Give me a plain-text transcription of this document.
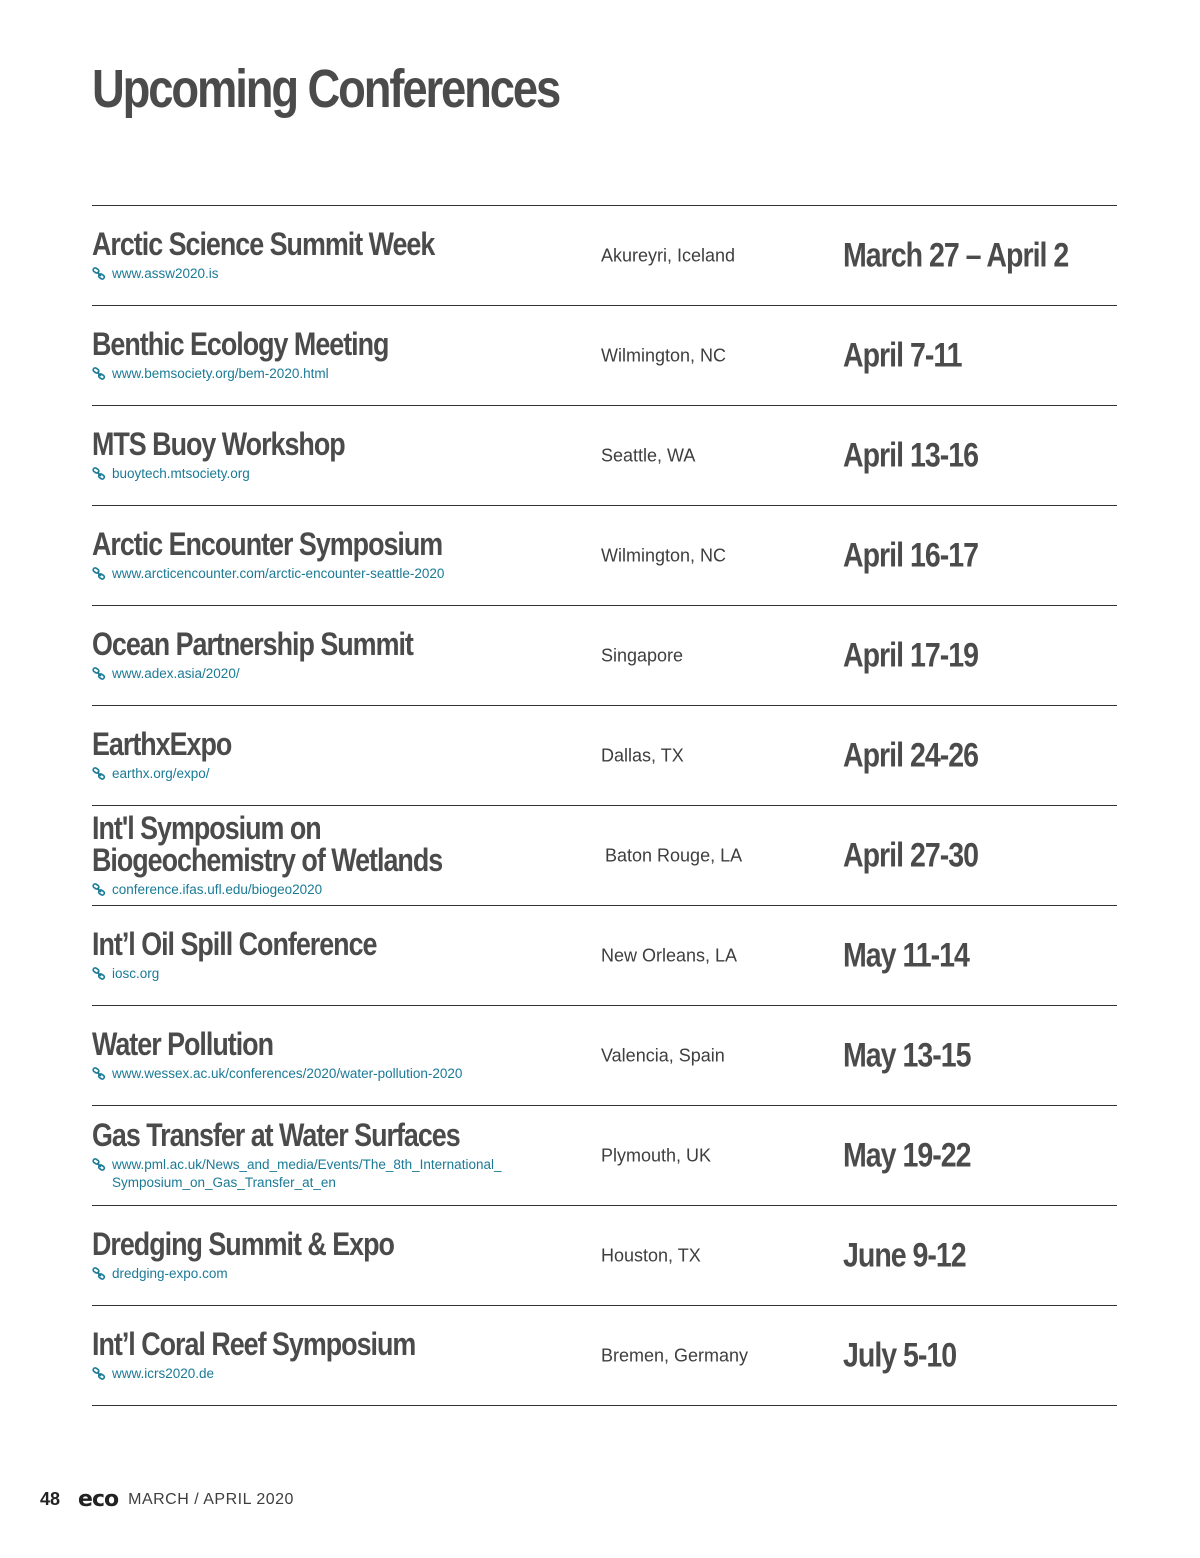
Upcoming Conferences
Arctic Science Summit Week
www.assw2020.is
Akureyri, Iceland	March 27 – April 2
Benthic Ecology Meeting
www.bemsociety.org/bem-2020.html
Wilmington, NC	April 7-11
MTS Buoy Workshop
buoytech.mtsociety.org
Seattle, WA	April 13-16
Arctic Encounter Symposium
www.arcticencounter.com/arctic-encounter-seattle-2020
Wilmington, NC	April 16-17
Ocean Partnership Summit
www.adex.asia/2020/
Singapore	April 17-19
EarthxExpo
earthx.org/expo/
Dallas, TX	April 24-26
Int'l Symposium on
Biogeochemistry of Wetlands
conference.ifas.ufl.edu/biogeo2020
Baton Rouge, LA	April 27-30
Int’l Oil Spill Conference
iosc.org
New Orleans, LA	May 11-14
Water Pollution
www.wessex.ac.uk/conferences/2020/water-pollution-2020
Valencia, Spain	May 13-15
Gas Transfer at Water Surfaces
www.pml.ac.uk/News_and_media/Events/The_8th_International_
Symposium_on_Gas_Transfer_at_en
Plymouth, UK	May 19-22
Dredging Summit & Expo
dredging-expo.com
Houston, TX	June 9-12
Int’l Coral Reef Symposium
www.icrs2020.de
Bremen, Germany	July 5-10
48 eco MARCH / APRIL 2020
